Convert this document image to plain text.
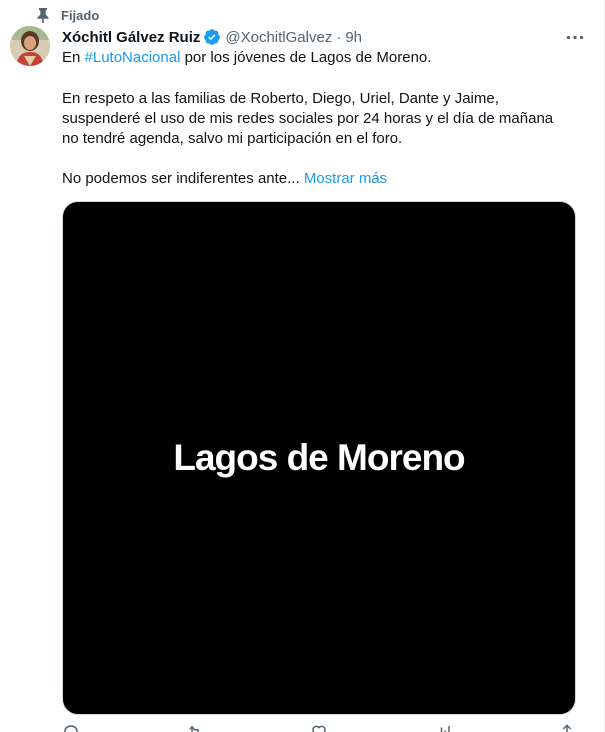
Fijado
Xóchitl Gálvez Ruiz @XochitlGalvez · 9h
En #LutoNacional por los jóvenes de Lagos de Moreno.
En respeto a las familias de Roberto, Diego, Uriel, Dante y Jaime,
suspenderé el uso de mis redes sociales por 24 horas y el día de mañana
no tendré agenda, salvo mi participación en el foro.
No podemos ser indiferentes ante... Mostrar más
Lagos de Moreno
